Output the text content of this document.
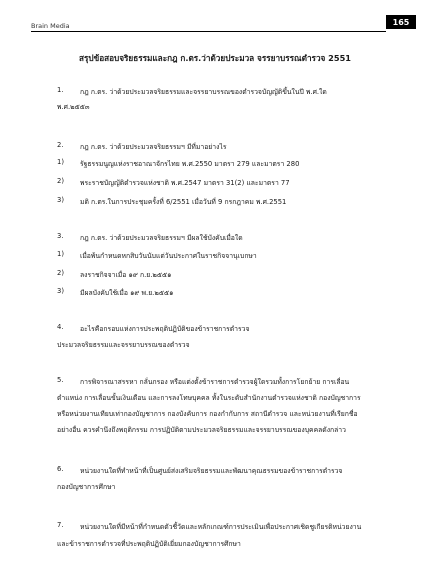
Brain Media	165
สรุปข้อสอบจริยธรรมและกฎ ก.ตร.ว่าด้วยประมวล จรรยาบรรณตำรวจ 2551
1. กฎ ก.ตร. ว่าด้วยประมวลจริยธรรมและจรรยาบรรณของตำรวจบัญญัติขึ้นในปี พ.ศ.ใด
พ.ศ.๒๕๕๓
2. กฎ ก.ตร. ว่าด้วยประมวลจริยธรรมฯ มีที่มาอย่างไร
1) รัฐธรรมนูญแห่งราชอาณาจักรไทย พ.ศ.2550 มาตรา 279 และมาตรา 280
2) พระราชบัญญัติตำรวจแห่งชาติ พ.ศ.2547 มาตรา 31(2) และมาตรา 77
3) มติ ก.ตร.ในการประชุมครั้งที่ 6/2551 เมื่อวันที่ 9 กรกฎาคม พ.ศ.2551
3. กฎ ก.ตร. ว่าด้วยประมวลจริยธรรมฯ มีผลใช้บังคับเมื่อใด
1) เมื่อพ้นกำหนดหกสิบวันนับแต่วันประกาศในราชกิจจานุเบกษา
2) ลงราชกิจจาเมื่อ ๑๙ ก.ย.๒๕๕๑
3) มีผลบังคับใช้เมื่อ ๑๙ พ.ย.๒๕๕๑
4. อะไรคือกรอบแห่งการประพฤติปฏิบัติของข้าราชการตำรวจ
ประมวลจริยธรรมและจรรยาบรรณของตำรวจ
5. การพิจารณาสรรหา กลั่นกรอง หรือแต่งตั้งข้าราชการตำรวจผู้ใดรวมทั้งการโยกย้าย การเลื่อน
ตำแหน่ง การเลื่อนขั้นเงินเดือน และการลงโทษบุคคล ทั้งในระดับสำนักงานตำรวจแห่งชาติ กองบัญชาการ
หรือหน่วยงานเทียบเท่ากองบัญชาการ กองบังคับการ กองกำกับการ สถานีตำรวจ และหน่วยงานที่เรียกชื่อ
อย่างอื่น ควรคำนึงถึงพฤติกรรม การปฏิบัติตามประมวลจริยธรรมและจรรยาบรรณของบุคคลดังกล่าว
6. หน่วยงานใดที่ทำหน้าที่เป็นศูนย์ส่งเสริมจริยธรรมและพัฒนาคุณธรรมของข้าราชการตำรวจ
กองบัญชาการศึกษา
7. หน่วยงานใดที่มีหน้าที่กำหนดตัวชี้วัดและหลักเกณฑ์การประเมินเพื่อประกาศเชิดชูเกียรติหน่วยงาน
และข้าราชการตำรวจที่ประพฤติปฏิบัติเยี่ยมกองบัญชาการศึกษา
